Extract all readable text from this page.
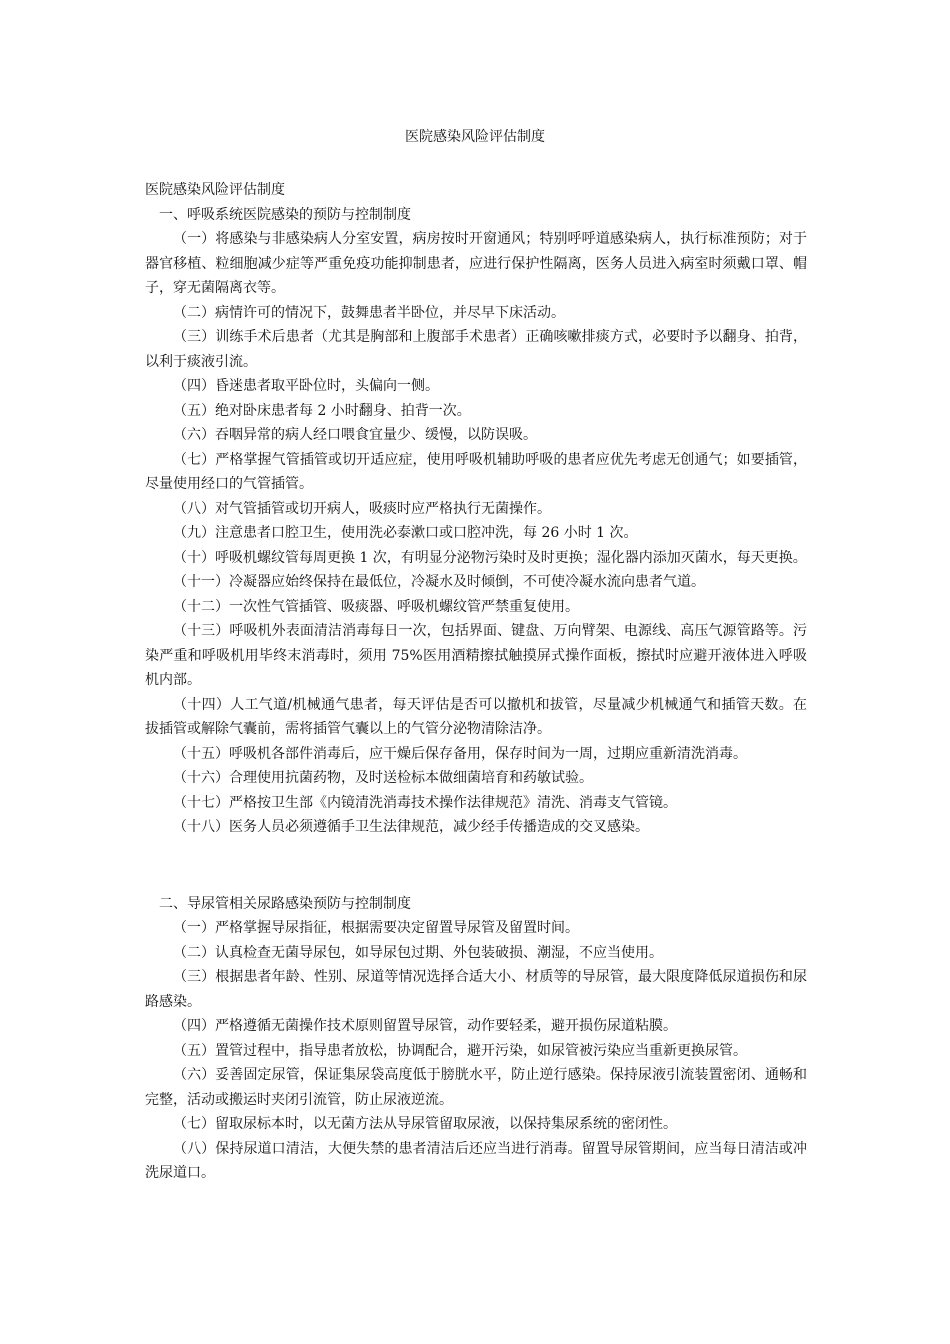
医院感染风险评估制度

医院感染风险评估制度

一、呼吸系统医院感染的预防与控制制度

（一）将感染与非感染病人分室安置，病房按时开窗通风；特别呼呼道感染病人，执行标准预防；对于器官移植、粒细胞减少症等严重免疫功能抑制患者，应进行保护性隔离，医务人员进入病室时须戴口罩、帽子，穿无菌隔离衣等。

（二）病情许可的情况下，鼓舞患者半卧位，并尽早下床活动。

（三）训练手术后患者（尤其是胸部和上腹部手术患者）正确咳嗽排痰方式，必要时予以翻身、拍背，以利于痰液引流。

（四）昏迷患者取平卧位时，头偏向一侧。

（五）绝对卧床患者每 2 小时翻身、拍背一次。

（六）吞咽异常的病人经口喂食宜量少、缓慢，以防误吸。

（七）严格掌握气管插管或切开适应症，使用呼吸机辅助呼吸的患者应优先考虑无创通气；如要插管，尽量使用经口的气管插管。

（八）对气管插管或切开病人，吸痰时应严格执行无菌操作。

（九）注意患者口腔卫生，使用洗必泰漱口或口腔冲洗，每 26 小时 1 次。

（十）呼吸机螺纹管每周更换 1 次，有明显分泌物污染时及时更换；湿化器内添加灭菌水，每天更换。

（十一）冷凝器应始终保持在最低位，冷凝水及时倾倒，不可使冷凝水流向患者气道。

（十二）一次性气管插管、吸痰器、呼吸机螺纹管严禁重复使用。

（十三）呼吸机外表面清洁消毒每日一次，包括界面、键盘、万向臂架、电源线、高压气源管路等。污染严重和呼吸机用毕终末消毒时，须用 75%医用酒精擦拭触摸屏式操作面板，擦拭时应避开液体进入呼吸机内部。

（十四）人工气道/机械通气患者，每天评估是否可以撤机和拔管，尽量减少机械通气和插管天数。在拔插管或解除气囊前，需将插管气囊以上的气管分泌物清除洁净。

（十五）呼吸机各部件消毒后，应干燥后保存备用，保存时间为一周，过期应重新清洗消毒。

（十六）合理使用抗菌药物，及时送检标本做细菌培育和药敏试验。

（十七）严格按卫生部《内镜清洗消毒技术操作法律规范》清洗、消毒支气管镜。

（十八）医务人员必须遵循手卫生法律规范，减少经手传播造成的交叉感染。

二、导尿管相关尿路感染预防与控制制度

（一）严格掌握导尿指征，根据需要决定留置导尿管及留置时间。

（二）认真检查无菌导尿包，如导尿包过期、外包装破损、潮湿，不应当使用。

（三）根据患者年龄、性别、尿道等情况选择合适大小、材质等的导尿管，最大限度降低尿道损伤和尿路感染。

（四）严格遵循无菌操作技术原则留置导尿管，动作要轻柔，避开损伤尿道粘膜。

（五）置管过程中，指导患者放松，协调配合，避开污染，如尿管被污染应当重新更换尿管。

（六）妥善固定尿管，保证集尿袋高度低于膀胱水平，防止逆行感染。保持尿液引流装置密闭、通畅和完整，活动或搬运时夹闭引流管，防止尿液逆流。

（七）留取尿标本时，以无菌方法从导尿管留取尿液，以保持集尿系统的密闭性。

（八）保持尿道口清洁，大便失禁的患者清洁后还应当进行消毒。留置导尿管期间，应当每日清洁或冲洗尿道口。
